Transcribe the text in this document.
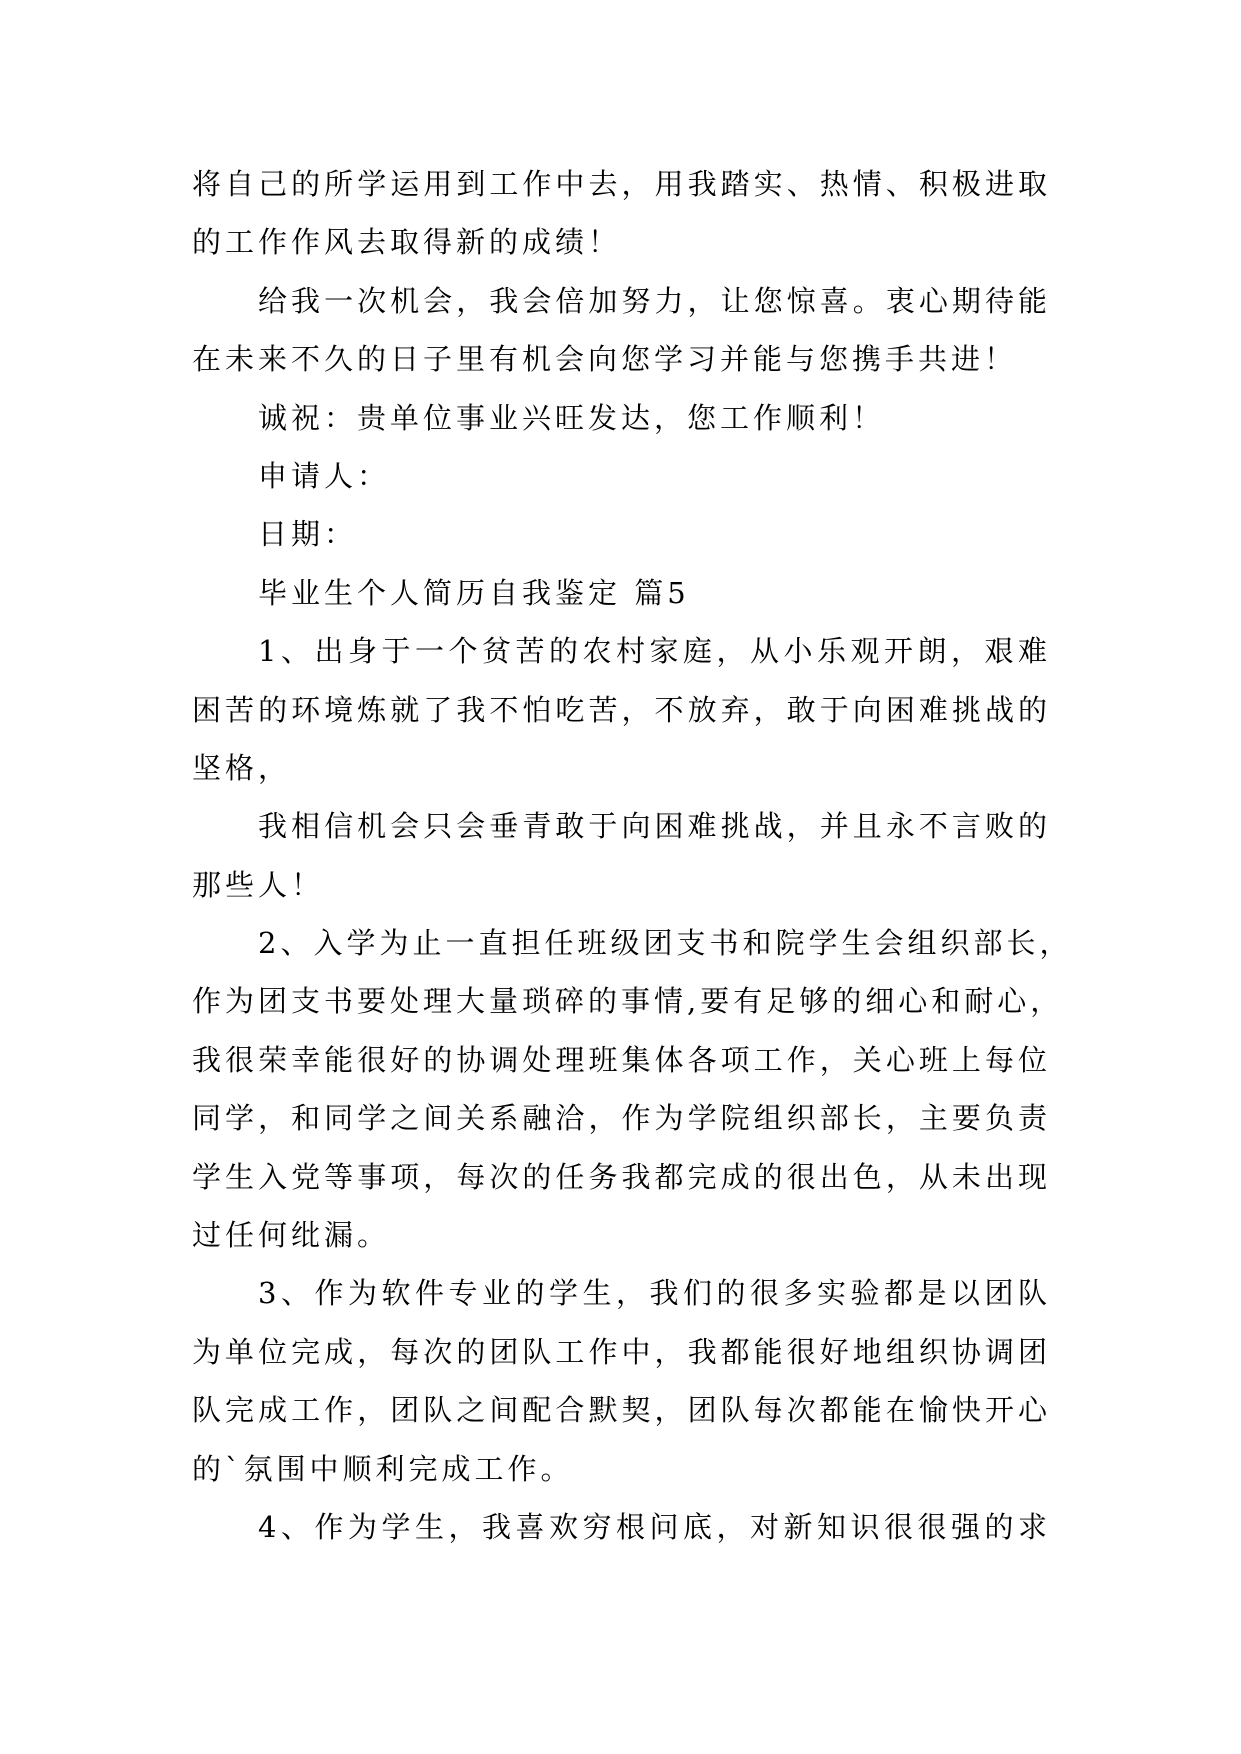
将自己的所学运用到工作中去，用我踏实、热情、积极进取
的工作作风去取得新的成绩！
给我一次机会，我会倍加努力，让您惊喜。衷心期待能
在未来不久的日子里有机会向您学习并能与您携手共进！
诚祝：贵单位事业兴旺发达，您工作顺利！
申请人：
日期：
毕业生个人简历自我鉴定 篇5
1、出身于一个贫苦的农村家庭，从小乐观开朗，艰难
困苦的环境炼就了我不怕吃苦，不放弃，敢于向困难挑战的
坚格，
我相信机会只会垂青敢于向困难挑战，并且永不言败的
那些人！
2、入学为止一直担任班级团支书和院学生会组织部长，
作为团支书要处理大量琐碎的事情,要有足够的细心和耐心，
我很荣幸能很好的协调处理班集体各项工作，关心班上每位
同学，和同学之间关系融洽，作为学院组织部长，主要负责
学生入党等事项，每次的任务我都完成的很出色，从未出现
过任何纰漏。
3、作为软件专业的学生，我们的很多实验都是以团队
为单位完成，每次的团队工作中，我都能很好地组织协调团
队完成工作，团队之间配合默契，团队每次都能在愉快开心
的`氛围中顺利完成工作。
4、作为学生，我喜欢穷根问底，对新知识很很强的求
